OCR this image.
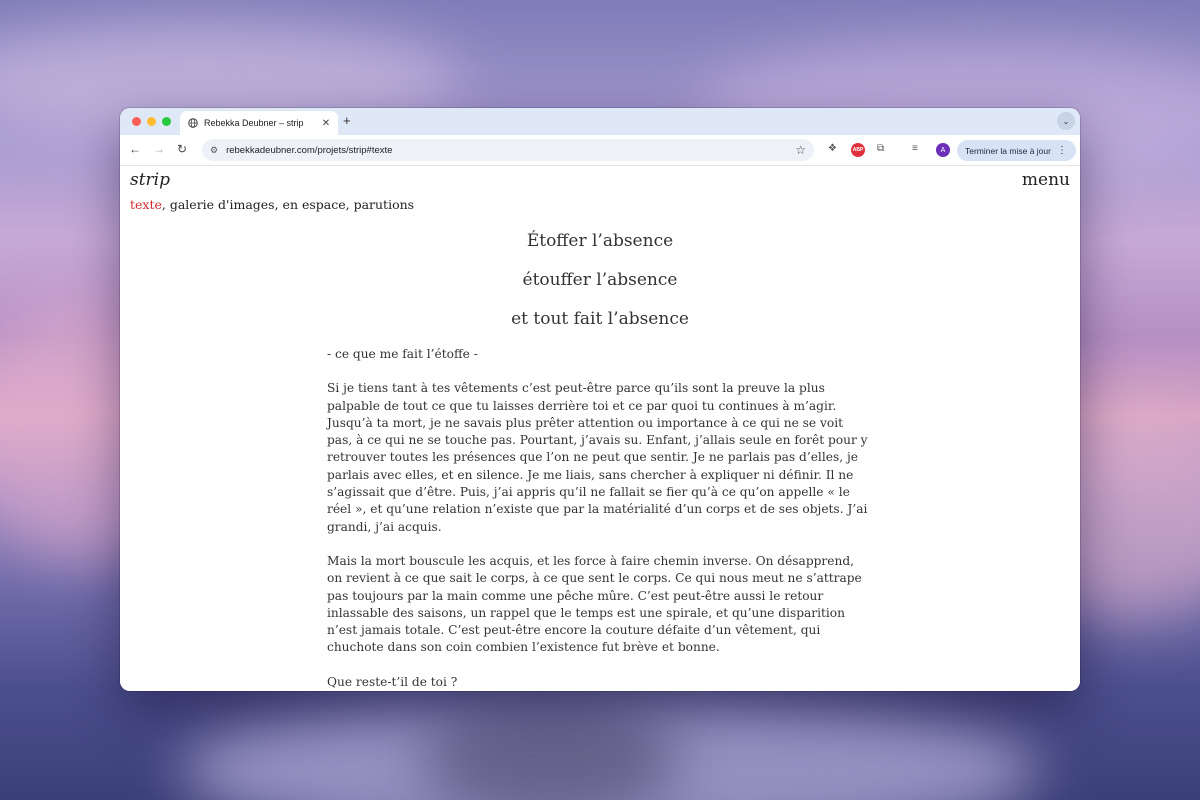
Rebekka Deubner – strip	✕ +	⌄
← → ↻	⚙ rebekkadeubner.com/projets/strip#texte	☆ ❖	ABP ⧉	≡	A	Terminer la mise à jour ⋮
strip	menu
texte, galerie d'images, en espace, parutions
Étoffer l’absence
étouffer l’absence
et tout fait l’absence

- ce que me fait l’étoffe -

Si je tiens tant à tes vêtements c’est peut-être parce qu’ils sont la preuve la plus palpable de tout ce que tu laisses derrière toi et ce par quoi tu continues à m’agir. Jusqu’à ta mort, je ne savais plus prêter attention ou importance à ce qui ne se voit pas, à ce qui ne se touche pas. Pourtant, j’avais su. Enfant, j’allais seule en forêt pour y retrouver toutes les présences que l’on ne peut que sentir. Je ne parlais pas d’elles, je parlais avec elles, et en silence. Je me liais, sans chercher à expliquer ni définir. Il ne s’agissait que d’être. Puis, j’ai appris qu’il ne fallait se fier qu’à ce qu’on appelle « le réel », et qu’une relation n’existe que par la matérialité d’un corps et de ses objets. J’ai grandi, j’ai acquis.

Mais la mort bouscule les acquis, et les force à faire chemin inverse. On désapprend, on revient à ce que sait le corps, à ce que sent le corps. Ce qui nous meut ne s’attrape pas toujours par la main comme une pêche mûre. C’est peut-être aussi le retour inlassable des saisons, un rappel que le temps est une spirale, et qu’une disparition n’est jamais totale. C’est peut-être encore la couture défaite d’un vêtement, qui chuchote dans son coin combien l’existence fut brève et bonne.

Que reste-t’il de toi ?
